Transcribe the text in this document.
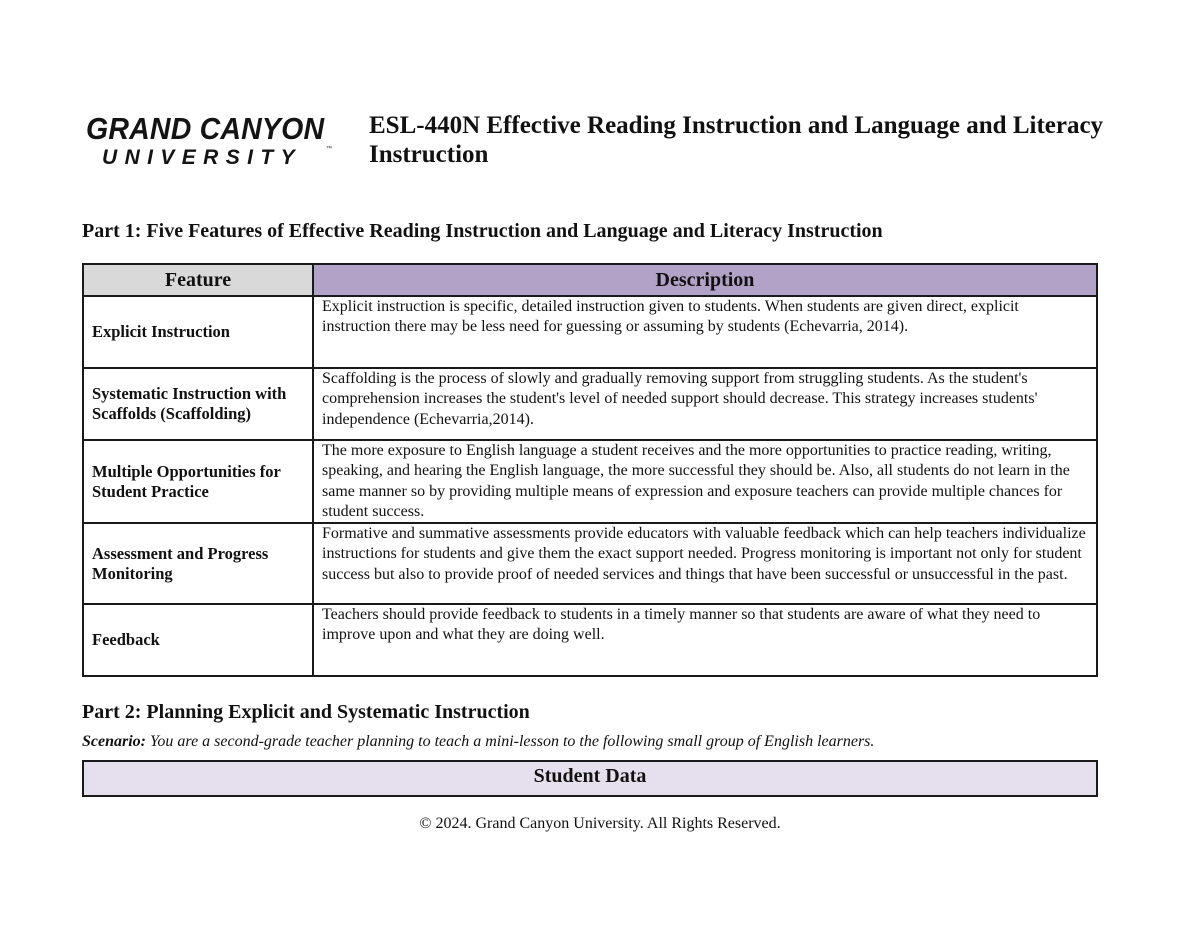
GRAND CANYON
UNIVERSITY	™
ESL-440N Effective Reading Instruction and Language and Literacy Instruction
Part 1: Five Features of Effective Reading Instruction and Language and Literacy Instruction
Feature	Description
Explicit Instruction	Explicit instruction is specific, detailed instruction given to students. When students are given direct, explicit instruction there may be less need for guessing or assuming by students (Echevarria, 2014).
Systematic Instruction with Scaffolds (Scaffolding)	Scaffolding is the process of slowly and gradually removing support from struggling students. As the student's comprehension increases the student's level of needed support should decrease. This strategy increases students' independence (Echevarria,2014).
Multiple Opportunities for Student Practice	The more exposure to English language a student receives and the more opportunities to practice reading, writing, speaking, and hearing the English language, the more successful they should be. Also, all students do not learn in the same manner so by providing multiple means of expression and exposure teachers can provide multiple chances for student success.
Assessment and Progress Monitoring	Formative and summative assessments provide educators with valuable feedback which can help teachers individualize instructions for students and give them the exact support needed. Progress monitoring is important not only for student success but also to provide proof of needed services and things that have been successful or unsuccessful in the past.
Feedback	Teachers should provide feedback to students in a timely manner so that students are aware of what they need to improve upon and what they are doing well.
Part 2: Planning Explicit and Systematic Instruction
Scenario: You are a second-grade teacher planning to teach a mini-lesson to the following small group of English learners.
Student Data
© 2024. Grand Canyon University. All Rights Reserved.
